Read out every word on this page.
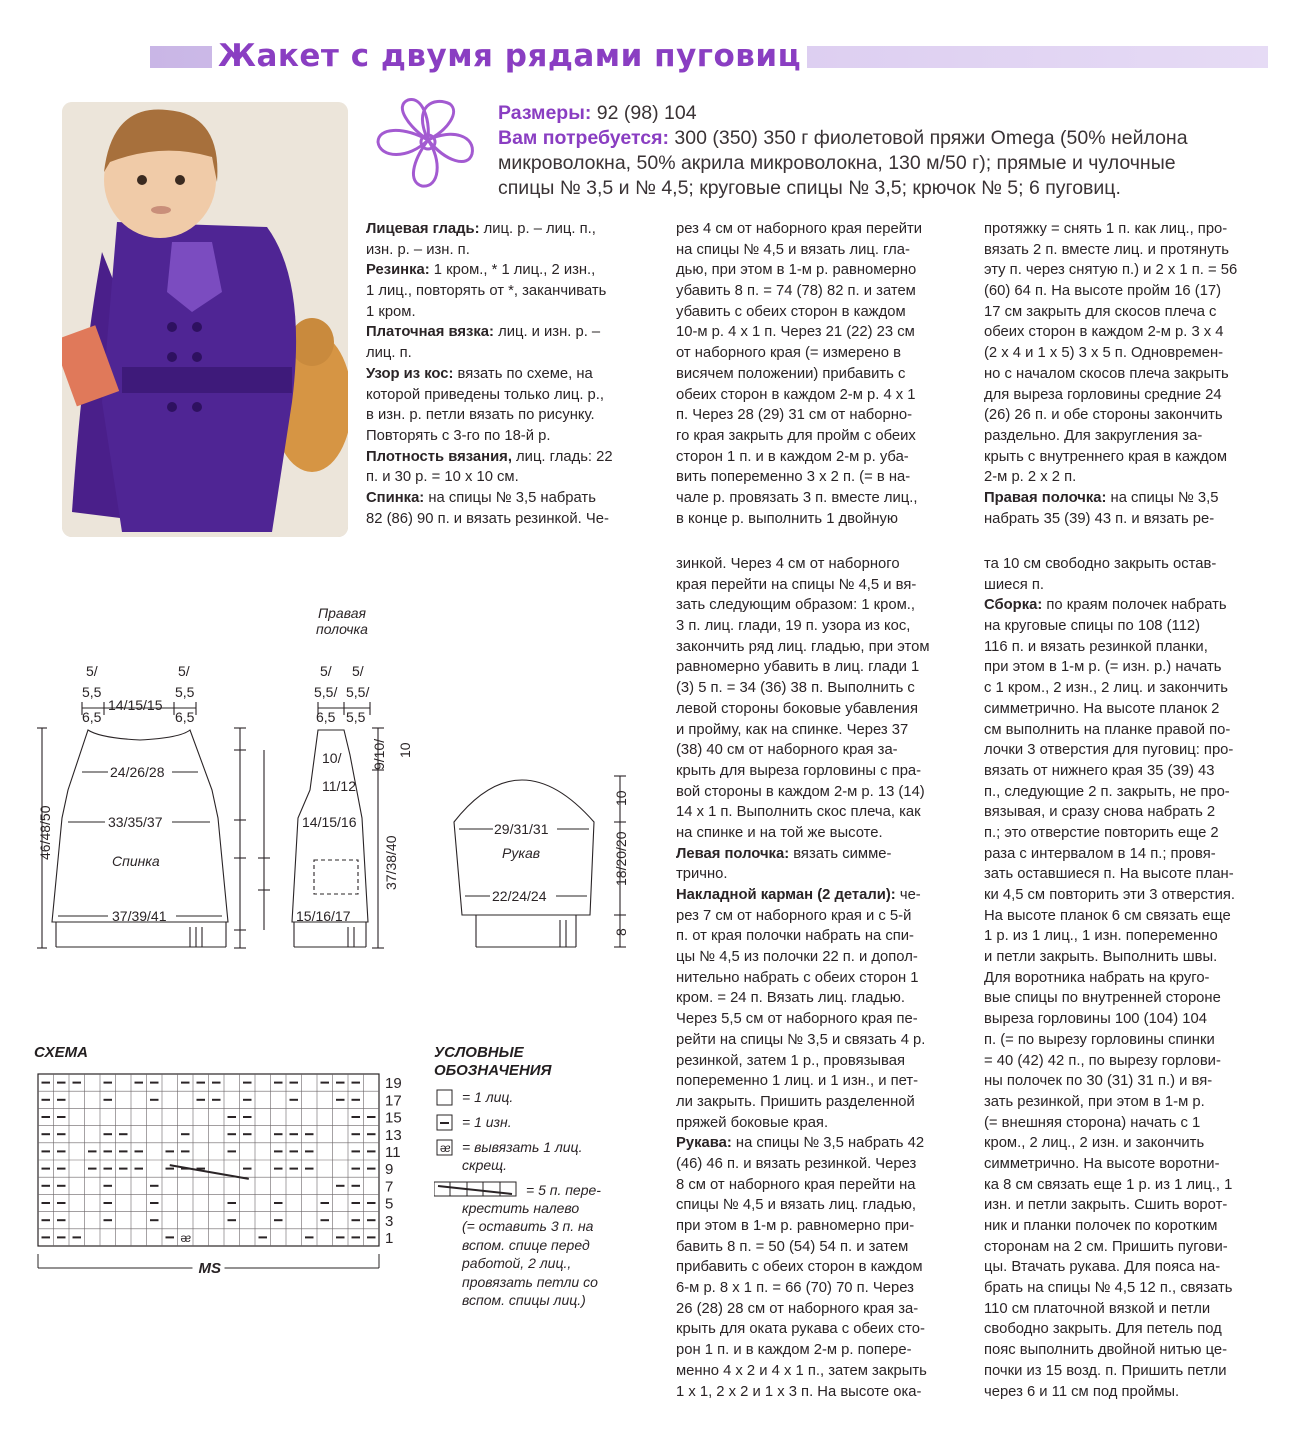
Жакет с двумя рядами пуговиц
Размеры: 92 (98) 104
Вам потребуется: 300 (350) 350 г фиолетовой пряжи Omega (50% нейлона
микроволокна, 50% акрила микроволокна, 130 м/50 г); прямые и чулочные
спицы № 3,5 и № 4,5; круговые спицы № 3,5; крючок № 5; 6 пуговиц.
Лицевая гладь: лиц. р. – лиц. п.,
изн. р. – изн. п.
Резинка: 1 кром., * 1 лиц., 2 изн.,
1 лиц., повторять от *, заканчивать
1 кром.
Платочная вязка: лиц. и изн. р. –
лиц. п.
Узор из кос: вязать по схеме, на
которой приведены только лиц. р.,
в изн. р. петли вязать по рисунку.
Повторять с 3-го по 18-й р.
Плотность вязания, лиц. гладь: 22
п. и 30 р. = 10 x 10 см.
Спинка: на спицы № 3,5 набрать
82 (86) 90 п. и вязать резинкой. Че-
рез 4 см от наборного края перейти
на спицы № 4,5 и вязать лиц. гла-
дью, при этом в 1-м р. равномерно
убавить 8 п. = 74 (78) 82 п. и затем
убавить с обеих сторон в каждом
10-м р. 4 x 1 п. Через 21 (22) 23 см
от наборного края (= измерено в
висячем положении) прибавить с
обеих сторон в каждом 2-м р. 4 x 1
п. Через 28 (29) 31 см от наборно-
го края закрыть для пройм с обеих
сторон 1 п. и в каждом 2-м р. уба-
вить попеременно 3 x 2 п. (= в на-
чале р. провязать 3 п. вместе лиц.,
в конце р. выполнить 1 двойную
протяжку = снять 1 п. как лиц., про-
вязать 2 п. вместе лиц. и протянуть
эту п. через снятую п.) и 2 x 1 п. = 56
(60) 64 п. На высоте пройм 16 (17)
17 см закрыть для скосов плеча с
обеих сторон в каждом 2-м р. 3 x 4
(2 x 4 и 1 x 5) 3 x 5 п. Одновремен-
но с началом скосов плеча закрыть
для выреза горловины средние 24
(26) 26 п. и обе стороны закончить
раздельно. Для закругления за-
крыть с внутреннего края в каждом
2-м р. 2 x 2 п.
Правая полочка: на спицы № 3,5
набрать 35 (39) 43 п. и вязать ре-
зинкой. Через 4 см от наборного
края перейти на спицы № 4,5 и вя-
зать следующим образом: 1 кром.,
3 п. лиц. глади, 19 п. узора из кос,
закончить ряд лиц. гладью, при этом
равномерно убавить в лиц. глади 1
(3) 5 п. = 34 (36) 38 п. Выполнить с
левой стороны боковые убавления
и пройму, как на спинке. Через 37
(38) 40 см от наборного края за-
крыть для выреза горловины с пра-
вой стороны в каждом 2-м р. 13 (14)
14 x 1 п. Выполнить скос плеча, как
на спинке и на той же высоте.
Левая полочка: вязать симме-
трично.
Накладной карман (2 детали): че-
рез 7 см от наборного края и с 5-й
п. от края полочки набрать на спи-
цы № 4,5 из полочки 22 п. и допол-
нительно набрать с обеих сторон 1
кром. = 24 п. Вязать лиц. гладью.
Через 5,5 см от наборного края пе-
рейти на спицы № 3,5 и связать 4 р.
резинкой, затем 1 р., провязывая
попеременно 1 лиц. и 1 изн., и пет-
ли закрыть. Пришить разделенной
пряжей боковые края.
Рукава: на спицы № 3,5 набрать 42
(46) 46 п. и вязать резинкой. Через
8 см от наборного края перейти на
спицы № 4,5 и вязать лиц. гладью,
при этом в 1-м р. равномерно при-
бавить 8 п. = 50 (54) 54 п. и затем
прибавить с обеих сторон в каждом
6-м р. 8 x 1 п. = 66 (70) 70 п. Через
26 (28) 28 см от наборного края за-
крыть для оката рукава с обеих сто-
рон 1 п. и в каждом 2-м р. попере-
менно 4 x 2 и 4 x 1 п., затем закрыть
1 x 1, 2 x 2 и 1 x 3 п. На высоте ока-
та 10 см свободно закрыть остав-
шиеся п.
Сборка: по краям полочек набрать
на круговые спицы по 108 (112)
116 п. и вязать резинкой планки,
при этом в 1-м р. (= изн. р.) начать
с 1 кром., 2 изн., 2 лиц. и закончить
симметрично. На высоте планок 2
см выполнить на планке правой по-
лочки 3 отверстия для пуговиц: про-
вязать от нижнего края 35 (39) 43
п., следующие 2 п. закрыть, не про-
вязывая, и сразу снова набрать 2
п.; это отверстие повторить еще 2
раза с интервалом в 14 п.; провя-
зать оставшиеся п. На высоте план-
ки 4,5 см повторить эти 3 отверстия.
На высоте планок 6 см связать еще
1 р. из 1 лиц., 1 изн. попеременно
и петли закрыть. Выполнить швы.
Для воротника набрать на круго-
вые спицы по внутренней стороне
выреза горловины 100 (104) 104
п. (= по вырезу горловины спинки
= 40 (42) 42 п., по вырезу горлови-
ны полочек по 30 (31) 31 п.) и вя-
зать резинкой, при этом в 1-м р.
(= внешняя сторона) начать с 1
кром., 2 лиц., 2 изн. и закончить
симметрично. На высоте воротни-
ка 8 см связать еще 1 р. из 1 лиц., 1
изн. и петли закрыть. Сшить ворот-
ник и планки полочек по коротким
сторонам на 2 см. Пришить пугови-
цы. Втачать рукава. Для пояса на-
брать на спицы № 4,5 12 п., связать
110 см платочной вязкой и петли
свободно закрыть. Для петель под
пояс выполнить двойной нитью це-
почки из 15 возд. п. Пришить петли
через 6 и 11 см под проймы.
5/
5,5
6,5
14/15/15
5/
5,5
6,5
24/26/28
33/35/37
Спинка
37/39/41
46/48/50
Правая
полочка
5/
5,5/
6,5
5/
5,5/
5,5
10/
11/12
14/15/16
15/16/17
9/10/ 10
37/38/40
29/31/31
Рукав
22/24/24
10
18/20/20
8
СХЕМА
19
17
15
13
11
9
7
5
3
ᴂ	1
MS
УСЛОВНЫЕ
ОБОЗНАЧЕНИЯ
ᴂ
= 1 лиц.
= 1 изн.
= вывязать 1 лиц.
скрещ.
= 5 п. пере-
крестить налево
(= оставить 3 п. на
вспом. спице перед
работой, 2 лиц.,
провязать петли со
вспом. спицы лиц.)
